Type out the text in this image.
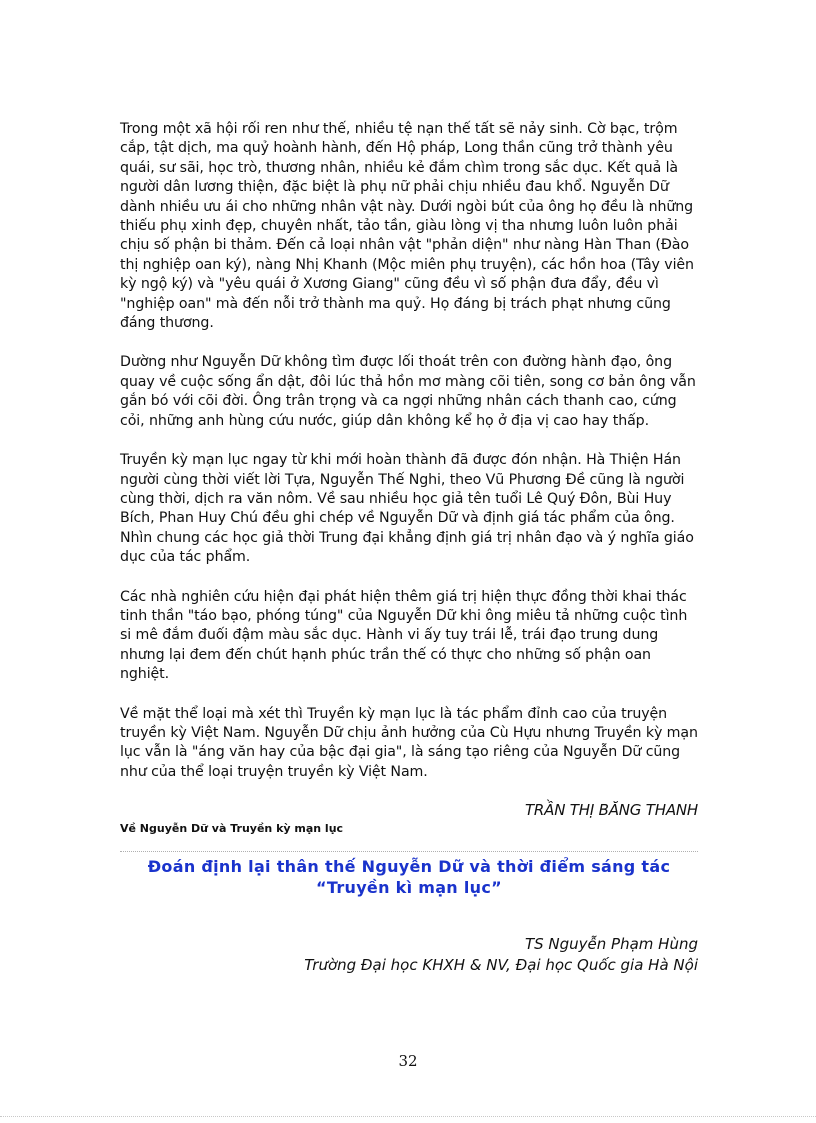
Trong một xã hội rối ren như thế, nhiều tệ nạn thế tất sẽ nảy sinh. Cờ bạc, trộm cắp, tật dịch, ma quỷ hoành hành, đến Hộ pháp, Long thần cũng trở thành yêu quái, sư sãi, học trò, thương nhân, nhiều kẻ đắm chìm trong sắc dục. Kết quả là người dân lương thiện, đặc biệt là phụ nữ phải chịu nhiều đau khổ. Nguyễn Dữ dành nhiều ưu ái cho những nhân vật này. Dưới ngòi bút của ông họ đều là những thiếu phụ xinh đẹp, chuyên nhất, tảo tần, giàu lòng vị tha nhưng luôn luôn phải chịu số phận bi thảm. Đến cả loại nhân vật "phản diện" như nàng Hàn Than (Đào thị nghiệp oan ký), nàng Nhị Khanh (Mộc miên phụ truyện), các hồn hoa (Tây viên kỳ ngộ ký) và "yêu quái ở Xương Giang" cũng đều vì số phận đưa đẩy, đều vì "nghiệp oan" mà đến nỗi trở thành ma quỷ. Họ đáng bị trách phạt nhưng cũng đáng thương.

Dường như Nguyễn Dữ không tìm được lối thoát trên con đường hành đạo, ông quay về cuộc sống ẩn dật, đôi lúc thả hồn mơ màng cõi tiên, song cơ bản ông vẫn gắn bó với cõi đời. Ông trân trọng và ca ngợi những nhân cách thanh cao, cứng cỏi, những anh hùng cứu nước, giúp dân không kể họ ở địa vị cao hay thấp.

Truyền kỳ mạn lục ngay từ khi mới hoàn thành đã được đón nhận. Hà Thiện Hán người cùng thời viết lời Tựa, Nguyễn Thế Nghi, theo Vũ Phương Đề cũng là người cùng thời, dịch ra văn nôm. Về sau nhiều học giả tên tuổi Lê Quý Đôn, Bùi Huy Bích, Phan Huy Chú đều ghi chép về Nguyễn Dữ và định giá tác phẩm của ông. Nhìn chung các học giả thời Trung đại khẳng định giá trị nhân đạo và ý nghĩa giáo dục của tác phẩm.

Các nhà nghiên cứu hiện đại phát hiện thêm giá trị hiện thực đồng thời khai thác tinh thần "táo bạo, phóng túng" của Nguyễn Dữ khi ông miêu tả những cuộc tình si mê đắm đuối đậm màu sắc dục. Hành vi ấy tuy trái lễ, trái đạo trung dung nhưng lại đem đến chút hạnh phúc trần thế có thực cho những số phận oan nghiệt.

Về mặt thể loại mà xét thì Truyền kỳ mạn lục là tác phẩm đỉnh cao của truyện truyền kỳ Việt Nam. Nguyễn Dữ chịu ảnh hưởng của Cù Hựu nhưng Truyền kỳ mạn lục vẫn là "áng văn hay của bậc đại gia", là sáng tạo riêng của Nguyễn Dữ cũng như của thể loại truyện truyền kỳ Việt Nam.

TRẦN THỊ BĂNG THANH
Về Nguyễn Dữ và Truyền kỳ mạn lục
Đoán định lại thân thế Nguyễn Dữ và thời điểm sáng tác
“Truyền kì mạn lục”
TS Nguyễn Phạm Hùng
Trường Đại học KHXH & NV, Đại học Quốc gia Hà Nội
32
